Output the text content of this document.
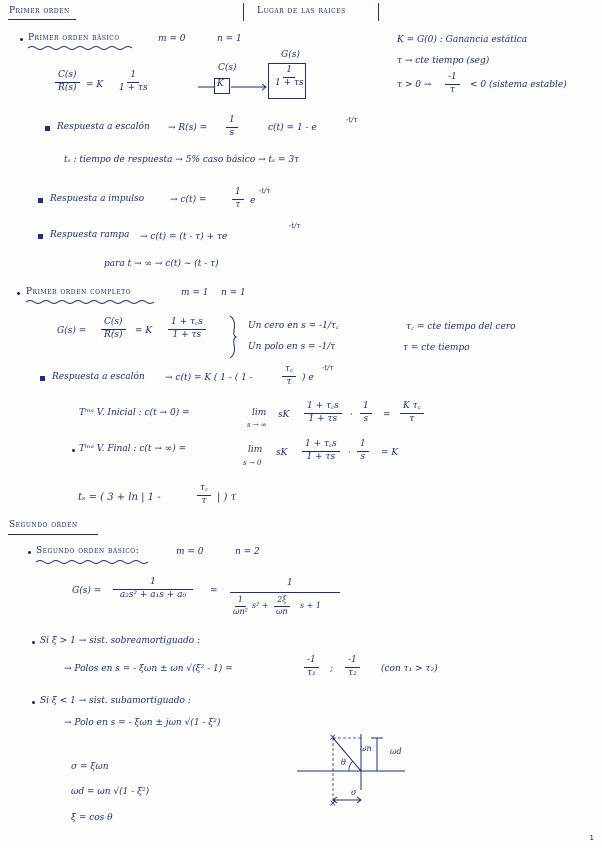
Primer orden	Lugar de las raices
Primer orden básico	m = 0	n = 1	K = G(0) : Ganancia estática
τ → cte tiempo (seg)
$\tau > 0 \to \frac{-1}{\tau} < 0$ (sistema estable)
$\frac{C(s)}{R(s)} = K \frac{1}{1 + \tau s}$
C(s)
K
G(s)
$\frac{1}{1 + \tau s}$
Respuesta a escalón → $R(s) = \frac{1}{s}$	c(t) = 1 - e
-t/τ
tₛ : tiempo de respuesta → 5% caso básico → tₛ = 3τ
Respuesta a impulso	→ c(t) =	$\frac{1}{\tau}$ e
-t/τ
Respuesta rampa → c(t) = (t - τ) + τe
-t/τ
para t → ∞ → c(t) ~ (t - τ)
Primer orden completo	m = 1 n = 1
$G(s) = \frac{C(s)}{R(s)} = K \frac{1 + \tau꜀s}{1 + \tau s}$	Un cero en s = -1/τ꜀	τ꜀ = cte tiempo del cero
Un polo en s = -1/τ	τ = cte tiempo
Respuesta a escalón → c(t) = K ( 1 - ( 1 -	$\frac{\tau꜀}{\tau}$ ) e
-t/τ
Tᵐᵃ V. Inicial : c(t → 0) =	lim
s → ∞
sK $\frac{1 + \tau꜀s}{1 + \tau s} \cdot \frac{1}{s} = \frac{\text{K τ꜀}}{\tau}$
Tᵐᵃ V. Final : c(t → ∞) =	lim
s → 0
sK $\frac{1 + \tau꜀s}{1 + \tau s} \cdot \frac{1}{s} = K$
tₛ = ( 3 + ln | 1 -	$\frac{\tau꜀}{\tau}$ | ) τ
Segundo orden
Segundo orden básico:	m = 0	n = 2
$G(s) = \frac{1}{\text{a₂s² + a₁s + a₀}}$ =
1
$\frac{1}{\text{ωn²}} s^2 + \frac{2\xi}{\omega n}$ s + 1
Si ξ > 1 → sist. sobreamortiguado :
→ Polos en s = - ξωn ± ωn √(ξ² - 1) =	$\frac{-1}{\text{τ₁}}$ ; $\frac{-1}{\text{τ₂}} (con$ τ₁ > τ₂)
Si ξ < 1 → sist. subamortiguado :
→ Polo en s = - ξωn ± jωn √(1 - ξ²)
σ = ξωn
ωd = ωn √(1 - ξ²)
ξ = cos θ
×
×
ωn ωd
θ
σ
1
